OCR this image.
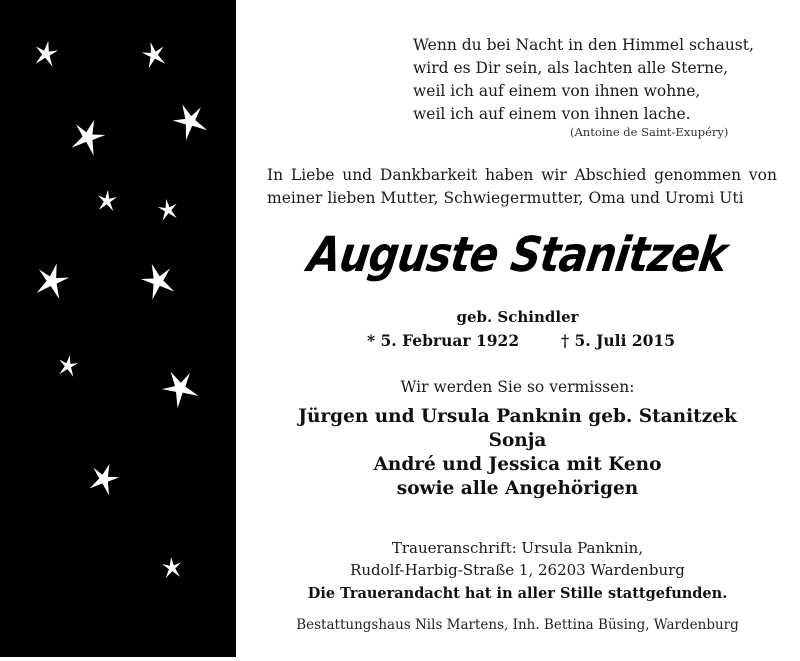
Wenn du bei Nacht in den Himmel schaust,
wird es Dir sein, als lachten alle Sterne,
weil ich auf einem von ihnen wohne,
weil ich auf einem von ihnen lache.
(Antoine de Saint-Exupéry)
In Liebe und Dankbarkeit haben wir Abschied genommen von meiner lieben Mutter, Schwiegermutter, Oma und Uromi Uti
Auguste Stanitzek
geb. Schindler
* 5. Februar 1922	† 5. Juli 2015
Wir werden Sie so vermissen:
Jürgen und Ursula Panknin geb. Stanitzek
Sonja
André und Jessica mit Keno
sowie alle Angehörigen
Traueranschrift: Ursula Panknin,
Rudolf-Harbig-Straße 1, 26203 Wardenburg
Die Trauerandacht hat in aller Stille stattgefunden.
Bestattungshaus Nils Martens, Inh. Bettina Büsing, Wardenburg
